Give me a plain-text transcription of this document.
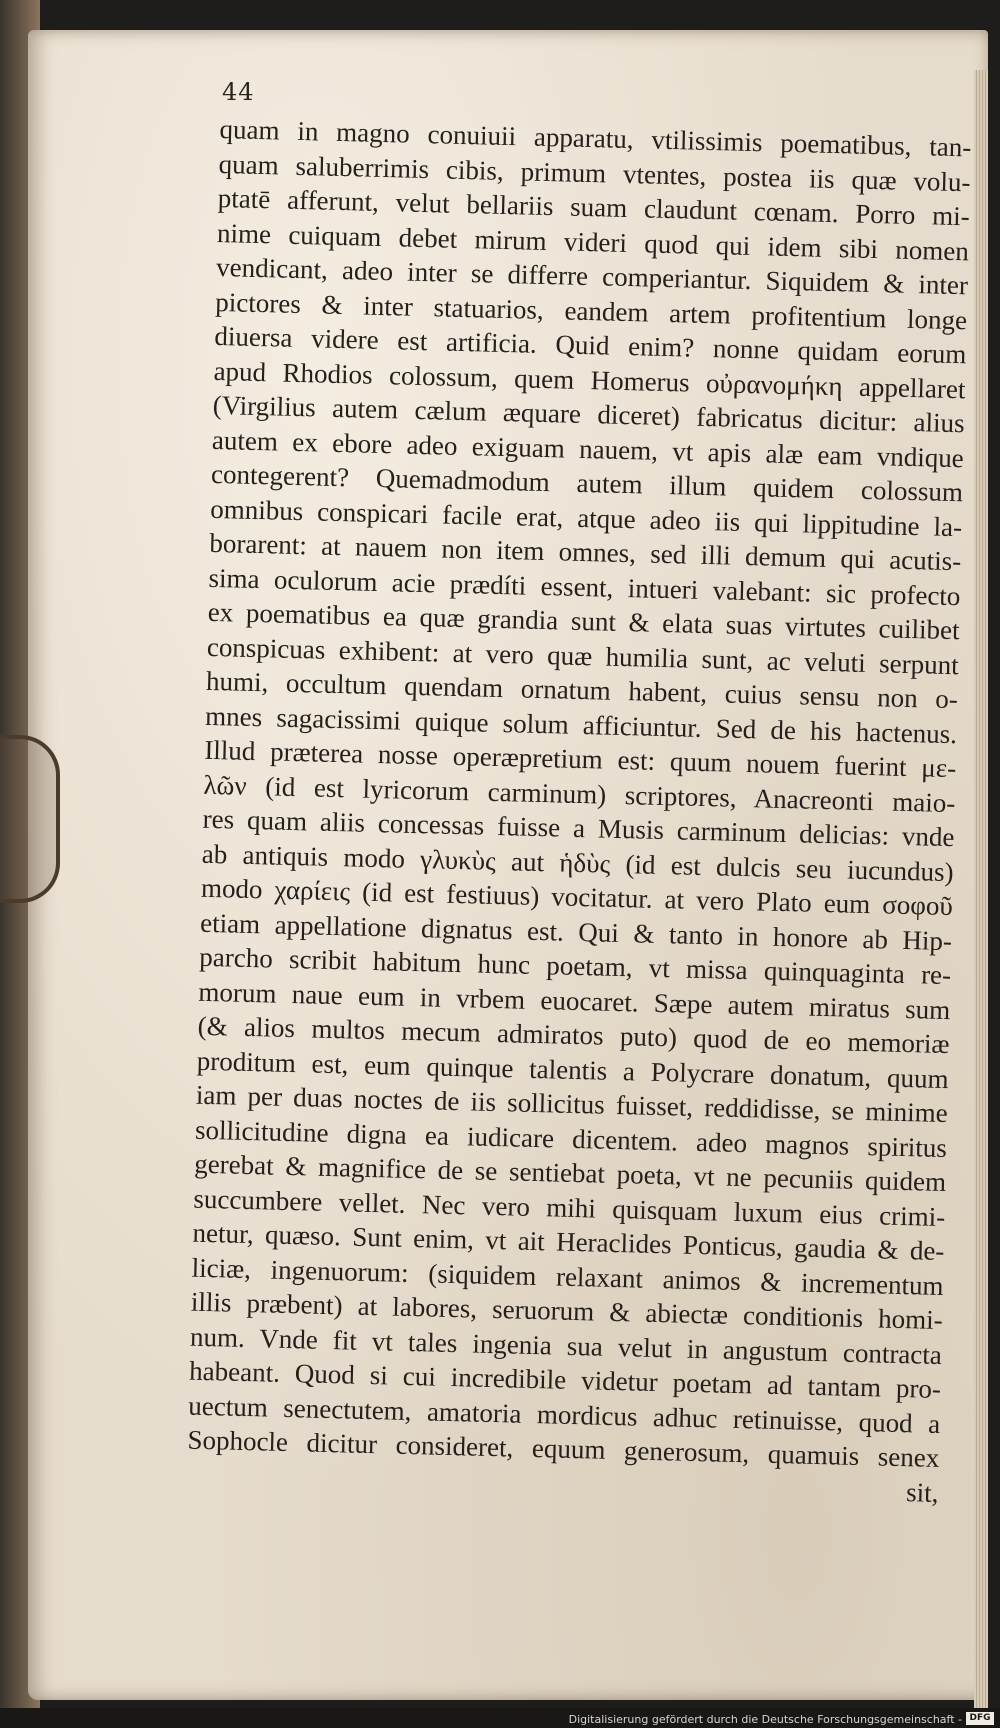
44
quam in magno conuiuii apparatu, vtilissimis poematibus, tan-
quam saluberrimis cibis, primum vtentes, postea iis quæ volu-
ptatē afferunt, velut bellariis suam claudunt cœnam. Porro mi-
nime cuiquam debet mirum videri quod qui idem sibi nomen
vendicant, adeo inter se differre comperiantur. Siquidem & inter
pictores & inter statuarios, eandem artem profitentium longe
diuersa videre est artificia. Quid enim? nonne quidam eorum
apud Rhodios colossum, quem Homerus οὐρανομήκη appellaret
(Virgilius autem cælum æquare diceret) fabricatus dicitur: alius
autem ex ebore adeo exiguam nauem, vt apis alæ eam vndique
contegerent? Quemadmodum autem illum quidem colossum
omnibus conspicari facile erat, atque adeo iis qui lippitudine la-
borarent: at nauem non item omnes, sed illi demum qui acutis-
sima oculorum acie prædíti essent, intueri valebant: sic profecto
ex poematibus ea quæ grandia sunt & elata suas virtutes cuilibet
conspicuas exhibent: at vero quæ humilia sunt, ac veluti serpunt
humi, occultum quendam ornatum habent, cuius sensu non o-
mnes sagacissimi quique solum afficiuntur. Sed de his hactenus.
Illud præterea nosse operæpretium est: quum nouem fuerint με-
λῶν (id est lyricorum carminum) scriptores, Anacreonti maio-
res quam aliis concessas fuisse a Musis carminum delicias: vnde
ab antiquis modo γλυκὺς aut ἡδὺς (id est dulcis seu iucundus)
modo χαρίεις (id est festiuus) vocitatur. at vero Plato eum σοφοῦ
etiam appellatione dignatus est. Qui & tanto in honore ab Hip-
parcho scribit habitum hunc poetam, vt missa quinquaginta re-
morum naue eum in vrbem euocaret. Sæpe autem miratus sum
(& alios multos mecum admiratos puto) quod de eo memoriæ
proditum est, eum quinque talentis a Polycrare donatum, quum
iam per duas noctes de iis sollicitus fuisset, reddidisse, se minime
sollicitudine digna ea iudicare dicentem. adeo magnos spiritus
gerebat & magnifice de se sentiebat poeta, vt ne pecuniis quidem
succumbere vellet. Nec vero mihi quisquam luxum eius crimi-
netur, quæso. Sunt enim, vt ait Heraclides Ponticus, gaudia & de-
liciæ, ingenuorum: (siquidem relaxant animos & incrementum
illis præbent) at labores, seruorum & abiectæ conditionis homi-
num. Vnde fit vt tales ingenia sua velut in angustum contracta
habeant. Quod si cui incredibile videtur poetam ad tantam pro-
uectum senectutem, amatoria mordicus adhuc retinuisse, quod a
Sophocle dicitur consideret, equum generosum, quamuis senex
sit,
Digitalisierung gefördert durch die Deutsche Forschungsgemeinschaft - DFG
